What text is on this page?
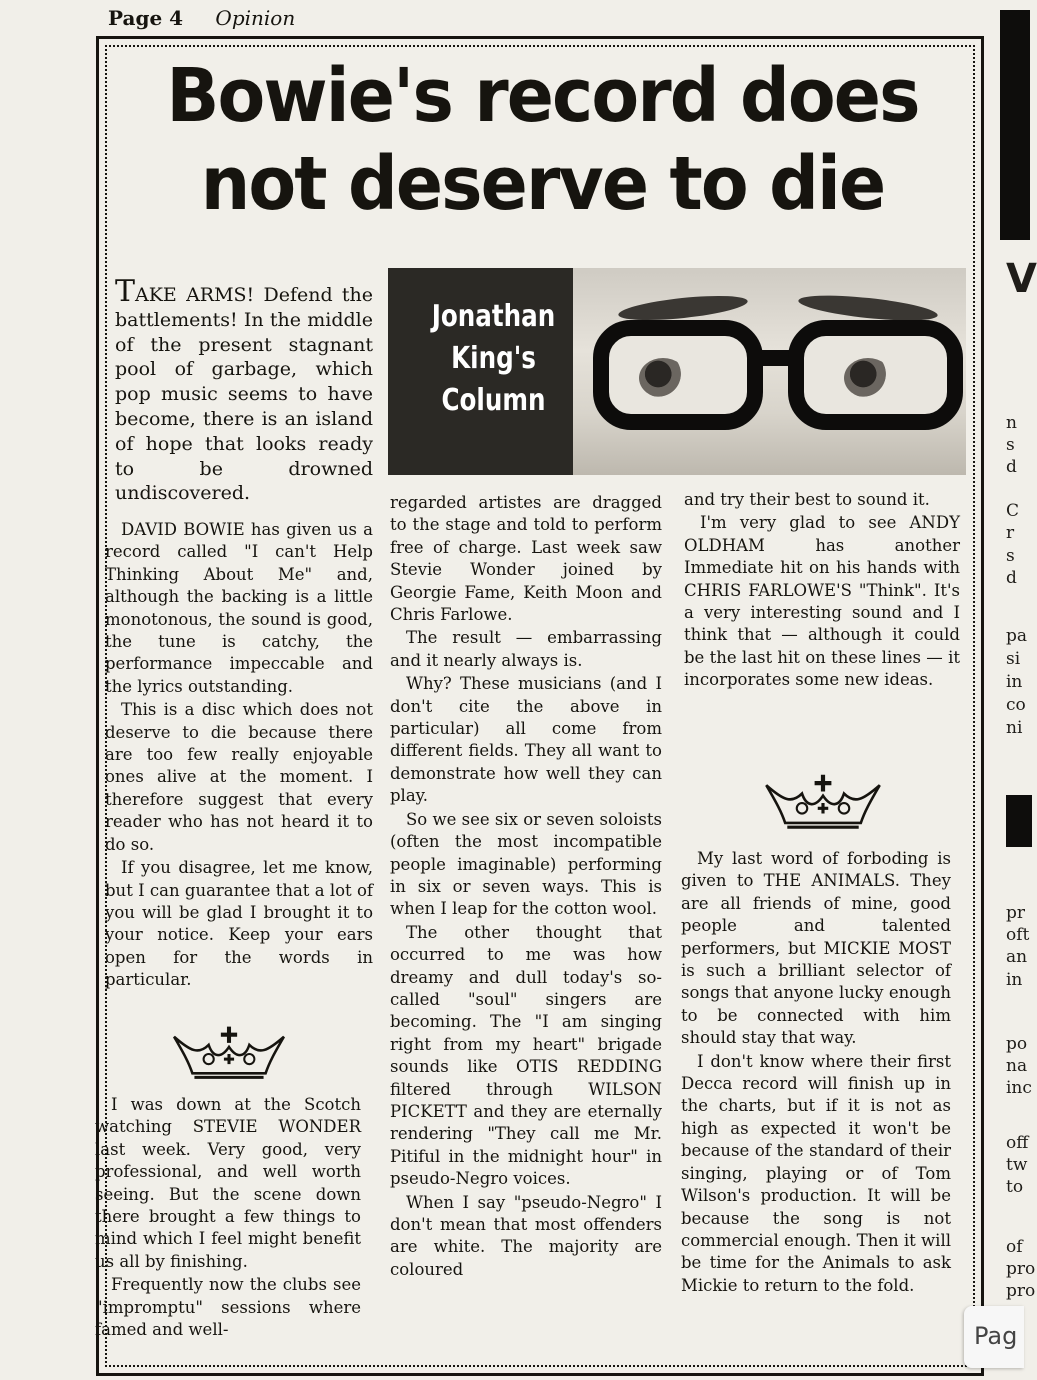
Page 4 Opinion
Bowie's record does
not deserve to die
Jonathan
King's
Column

TAKE ARMS! Defend the battlements! In the middle of the present stagnant pool of garbage, which pop music seems to have become, there is an island of hope that looks ready to be drowned undiscovered.

DAVID BOWIE has given us a record called "I can't Help Thinking About Me" and, although the backing is a little monotonous, the sound is good, the tune is catchy, the performance impeccable and the lyrics outstanding.

This is a disc which does not deserve to die because there are too few really enjoyable ones alive at the moment. I therefore suggest that every reader who has not heard it to do so.

If you disagree, let me know, but I can guarantee that a lot of you will be glad I brought it to your notice. Keep your ears open for the words in particular.

I was down at the Scotch watching STEVIE WONDER last week. Very good, very professional, and well worth seeing. But the scene down there brought a few things to mind which I feel might benefit us all by finishing.

Frequently now the clubs see "impromptu" sessions where famed and well-

regarded artistes are dragged to the stage and told to perform free of charge. Last week saw Stevie Wonder joined by Georgie Fame, Keith Moon and Chris Farlowe.

The result — embarrassing and it nearly always is.

Why? These musicians (and I don't cite the above in particular) all come from different fields. They all want to demonstrate how well they can play.

So we see six or seven soloists (often the most incompatible people imaginable) performing in six or seven ways. This is when I leap for the cotton wool.

The other thought that occurred to me was how dreamy and dull today's so-called "soul" singers are becoming. The "I am singing right from my heart" brigade sounds like OTIS REDDING filtered through WILSON PICKETT and they are eternally rendering "They call me Mr. Pitiful in the midnight hour" in pseudo-Negro voices.

When I say "pseudo-Negro" I don't mean that most offenders are white. The majority are coloured

and try their best to sound it.

I'm very glad to see ANDY OLDHAM has another Immediate hit on his hands with CHRIS FARLOWE'S "Think". It's a very interesting sound and I think that — although it could be the last hit on these lines — it incorporates some new ideas.

My last word of forboding is given to THE ANIMALS. They are all friends of mine, good people and talented performers, but MICKIE MOST is such a brilliant selector of songs that anyone lucky enough to be connected with him should stay that way.

I don't know where their first Decca record will finish up in the charts, but if it is not as high as expected it won't be because of the standard of their singing, playing or of Tom Wilson's production. It will be because the song is not commercial enough. Then it will be time for the Animals to ask Mickie to return to the fold.

V
n
s
d
C
r
s
d
pa
si
in
co
ni
pr
oft
an
in
po
na
inc
off
tw
to
of
pro
pro
Pag
